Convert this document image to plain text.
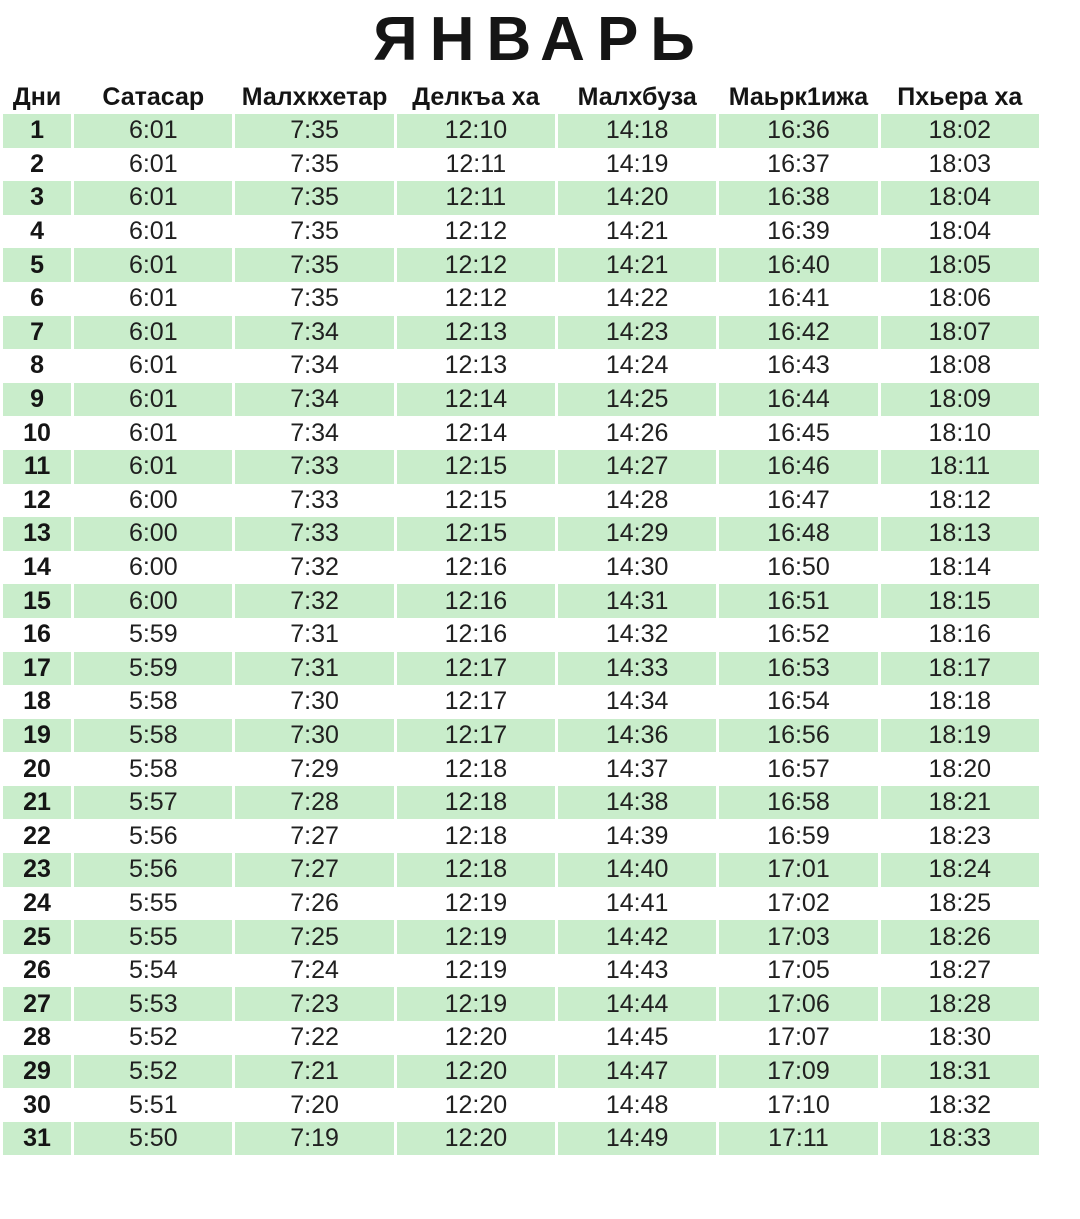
ЯНВАРЬ
Дни	Сатасар	Малхкхетар	Делкъа ха	Малхбуза	Маьрк1ижа	Пхьера ха
1	6:01	7:35	12:10	14:18	16:36	18:02
2	6:01	7:35	12:11	14:19	16:37	18:03
3	6:01	7:35	12:11	14:20	16:38	18:04
4	6:01	7:35	12:12	14:21	16:39	18:04
5	6:01	7:35	12:12	14:21	16:40	18:05
6	6:01	7:35	12:12	14:22	16:41	18:06
7	6:01	7:34	12:13	14:23	16:42	18:07
8	6:01	7:34	12:13	14:24	16:43	18:08
9	6:01	7:34	12:14	14:25	16:44	18:09
10	6:01	7:34	12:14	14:26	16:45	18:10
11	6:01	7:33	12:15	14:27	16:46	18:11
12	6:00	7:33	12:15	14:28	16:47	18:12
13	6:00	7:33	12:15	14:29	16:48	18:13
14	6:00	7:32	12:16	14:30	16:50	18:14
15	6:00	7:32	12:16	14:31	16:51	18:15
16	5:59	7:31	12:16	14:32	16:52	18:16
17	5:59	7:31	12:17	14:33	16:53	18:17
18	5:58	7:30	12:17	14:34	16:54	18:18
19	5:58	7:30	12:17	14:36	16:56	18:19
20	5:58	7:29	12:18	14:37	16:57	18:20
21	5:57	7:28	12:18	14:38	16:58	18:21
22	5:56	7:27	12:18	14:39	16:59	18:23
23	5:56	7:27	12:18	14:40	17:01	18:24
24	5:55	7:26	12:19	14:41	17:02	18:25
25	5:55	7:25	12:19	14:42	17:03	18:26
26	5:54	7:24	12:19	14:43	17:05	18:27
27	5:53	7:23	12:19	14:44	17:06	18:28
28	5:52	7:22	12:20	14:45	17:07	18:30
29	5:52	7:21	12:20	14:47	17:09	18:31
30	5:51	7:20	12:20	14:48	17:10	18:32
31	5:50	7:19	12:20	14:49	17:11	18:33
